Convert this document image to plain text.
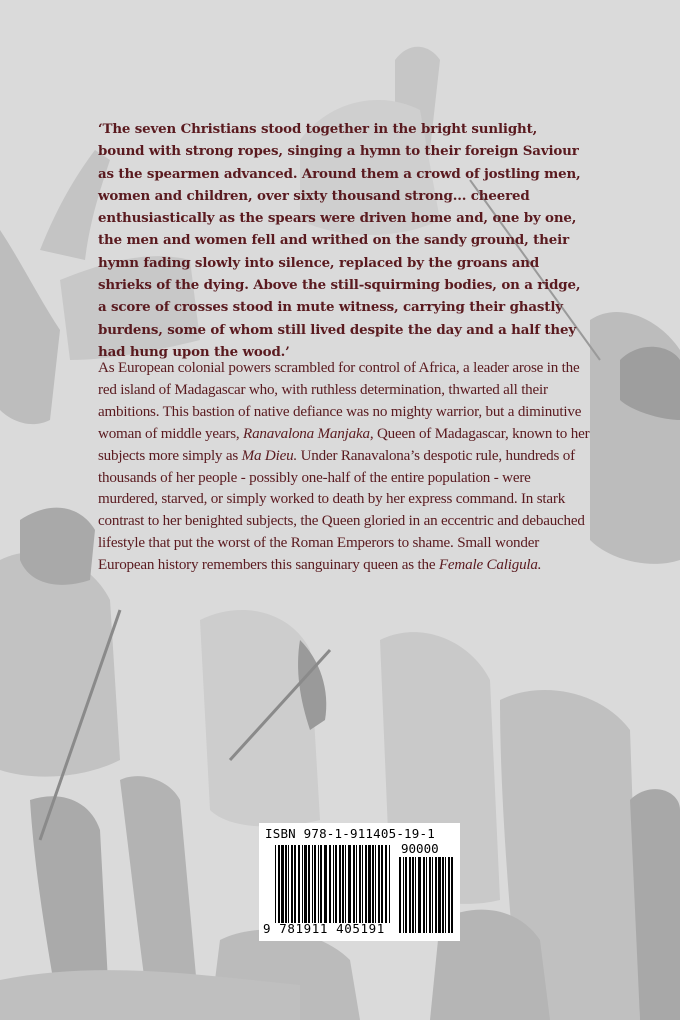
‘The seven Christians stood together in the bright sunlight, bound with strong ropes, singing a hymn to their foreign Saviour as the spearmen advanced. Around them a crowd of jostling men, women and children, over sixty thousand strong... cheered enthusiastically as the spears were driven home and, one by one, the men and women fell and writhed on the sandy ground, their hymn fading slowly into silence, replaced by the groans and shrieks of the dying. Above the still-squirming bodies, on a ridge, a score of crosses stood in mute witness, carrying their ghastly burdens, some of whom still lived despite the day and a half they had hung upon the wood.’

As European colonial powers scrambled for control of Africa, a leader arose in the red island of Madagascar who, with ruthless determination, thwarted all their ambitions. This bastion of native defiance was no mighty warrior, but a diminutive woman of middle years, Ranavalona Manjaka, Queen of Madagascar, known to her subjects more simply as Ma Dieu. Under Ranavalona’s despotic rule, hundreds of thousands of her people - possibly one-half of the entire population - were murdered, starved, or simply worked to death by her express command. In stark contrast to her benighted subjects, the Queen gloried in an eccentric and debauched lifestyle that put the worst of the Roman Emperors to shame. Small wonder European history remembers this sanguinary queen as the Female Caligula.

ISBN 978-1-911405-19-1
90000
9 781911 405191
